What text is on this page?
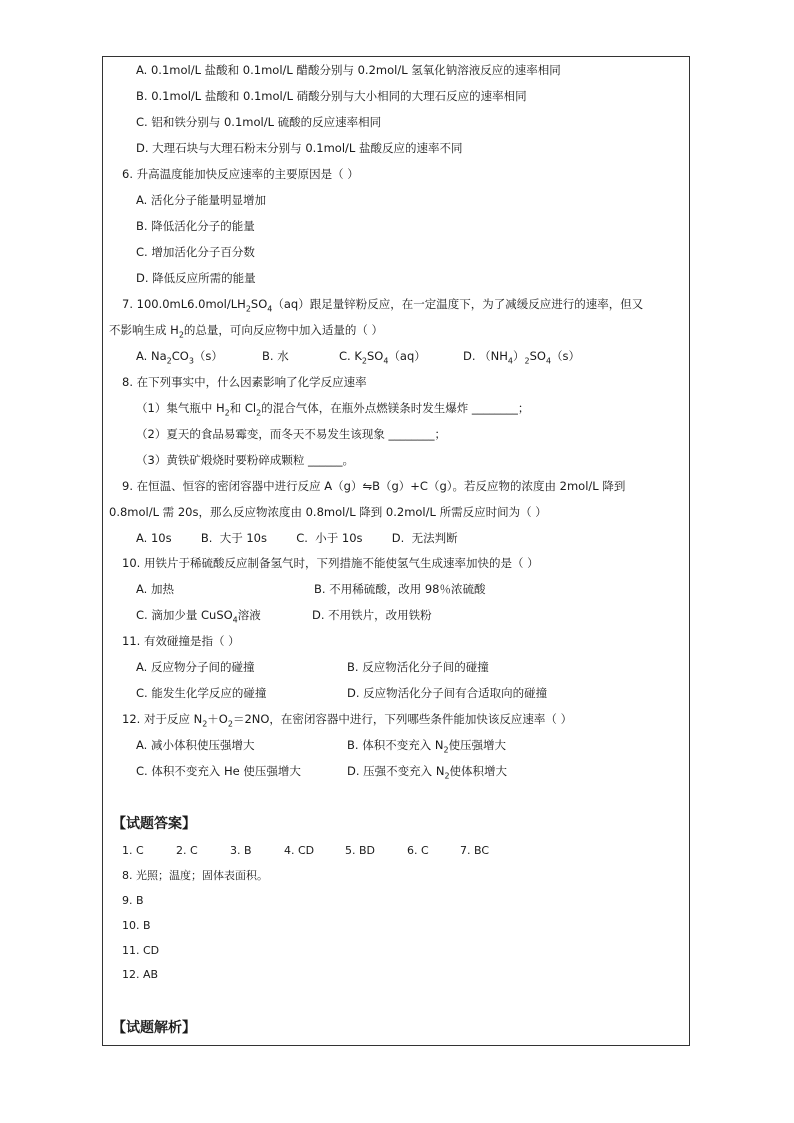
A. 0.1mol/L 盐酸和 0.1mol/L 醋酸分别与 0.2mol/L 氢氧化钠溶液反应的速率相同
B. 0.1mol/L 盐酸和 0.1mol/L 硝酸分别与大小相同的大理石反应的速率相同
C. 铝和铁分别与 0.1mol/L 硫酸的反应速率相同
D. 大理石块与大理石粉末分别与 0.1mol/L 盐酸反应的速率不同
6. 升高温度能加快反应速率的主要原因是（ ）
A. 活化分子能量明显增加
B. 降低活化分子的能量
C. 增加活化分子百分数
D. 降低反应所需的能量
7. $100.0mL6.0mol/LH_2SO_4(aq)$跟足量锌粉反应，在一定温度下，为了减缓反应进行的速率，但又
不影响生成 $H_2$的总量，可向反应物中加入适量的（ ）
A. $Na_2CO_3(s)$	B. 水	C. $K_2SO_4(aq)$	D. $(NH_4)_2SO_4(s)$
8. 在下列事实中，什么因素影响了化学反应速率
（1）集气瓶中 $H_2$和 $Cl_2$的混合气体，在瓶外点燃镁条时发生爆炸 ________；
（2）夏天的食品易霉变，而冬天不易发生该现象 ________；
（3）黄铁矿煅烧时要粉碎成颗粒 ______。
9. 在恒温、恒容的密闭容器中进行反应 A（g）⇋B（g）+C（g）。若反应物的浓度由 2mol/L 降到
0.8mol/L 需 20s，那么反应物浓度由 0.8mol/L 降到 0.2mol/L 所需反应时间为（ ）
A. 10s        B.  大于 10s        C.  小于 10s        D.  无法判断
10. 用铁片于稀硫酸反应制备氢气时，下列措施不能使氢气生成速率加快的是（ ）
A. 加热	B. 不用稀硫酸，改用 98％浓硫酸
C. 滴加少量 CuSO$_4$溶液	D. 不用铁片，改用铁粉
11. 有效碰撞是指（ ）
A. 反应物分子间的碰撞	B. 反应物活化分子间的碰撞
C. 能发生化学反应的碰撞	D. 反应物活化分子间有合适取向的碰撞
12. 对于反应 $N_2+O_2=2NO$，在密闭容器中进行，下列哪些条件能加快该反应速率（ ）
A. 减小体积使压强增大	B. 体积不变充入 $N_2$使压强增大
C. 体积不变充入 He 使压强增大	D. 压强不变充入 $N_2$使体积增大
【试题答案】
1. C	2. C	3. B	4. CD	5. BD	6. C	7. BC
8. 光照；温度；固体表面积。
9. B
10. B
11. CD
12. AB
【试题解析】
